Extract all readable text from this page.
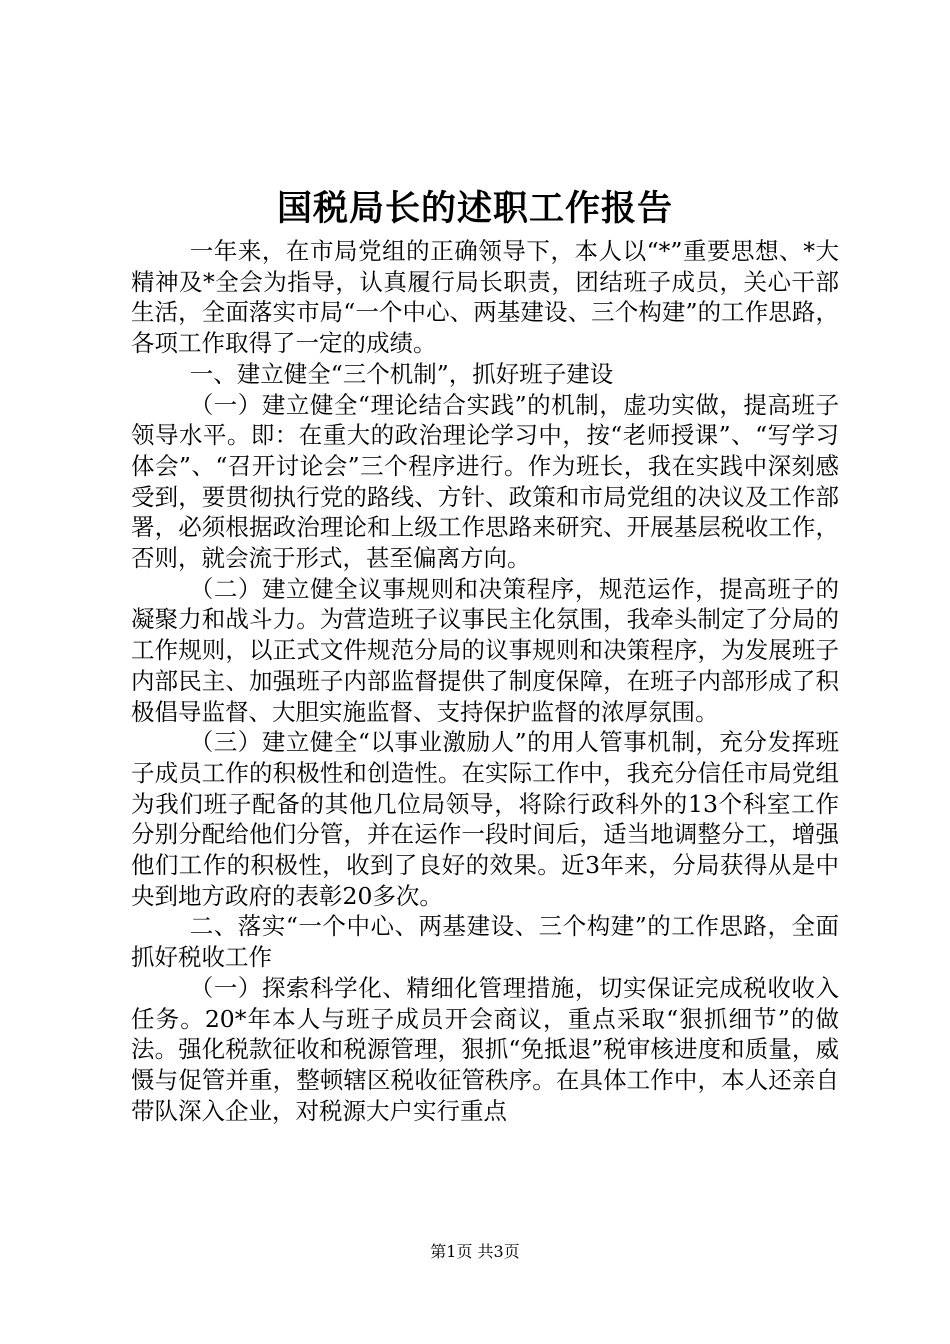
国税局长的述职工作报告

一年来，在市局党组的正确领导下，本人以“*”重要思想、*大精神及*全会为指导，认真履行局长职责，团结班子成员，关心干部生活，全面落实市局“一个中心、两基建设、三个构建”的工作思路，各项工作取得了一定的成绩。

一、建立健全“三个机制”，抓好班子建设

（一）建立健全“理论结合实践”的机制，虚功实做，提高班子领导水平。即：在重大的政治理论学习中，按“老师授课”、“写学习体会”、“召开讨论会”三个程序进行。作为班长，我在实践中深刻感受到，要贯彻执行党的路线、方针、政策和市局党组的决议及工作部署，必须根据政治理论和上级工作思路来研究、开展基层税收工作，否则，就会流于形式，甚至偏离方向。

（二）建立健全议事规则和决策程序，规范运作，提高班子的凝聚力和战斗力。为营造班子议事民主化氛围，我牵头制定了分局的工作规则，以正式文件规范分局的议事规则和决策程序，为发展班子内部民主、加强班子内部监督提供了制度保障，在班子内部形成了积极倡导监督、大胆实施监督、支持保护监督的浓厚氛围。

（三）建立健全“以事业激励人”的用人管事机制，充分发挥班子成员工作的积极性和创造性。在实际工作中，我充分信任市局党组为我们班子配备的其他几位局领导，将除行政科外的13个科室工作分别分配给他们分管，并在运作一段时间后，适当地调整分工，增强他们工作的积极性，收到了良好的效果。近3年来，分局获得从是中央到地方政府的表彰20多次。

二、落实“一个中心、两基建设、三个构建”的工作思路，全面抓好税收工作

（一）探索科学化、精细化管理措施，切实保证完成税收收入任务。20*年本人与班子成员开会商议，重点采取“狠抓细节”的做法。强化税款征收和税源管理，狠抓“免抵退”税审核进度和质量，威慑与促管并重，整顿辖区税收征管秩序。在具体工作中，本人还亲自带队深入企业，对税源大户实行重点

第1页 共3页
